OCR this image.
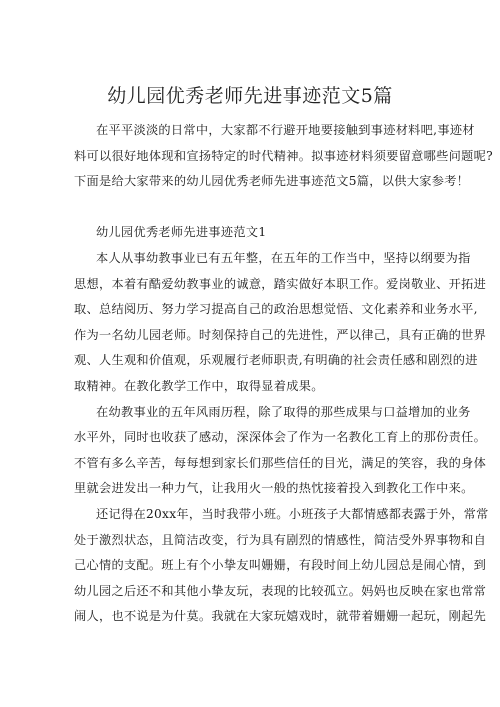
幼儿园优秀老师先进事迹范文5篇
在平平淡淡的日常中，大家都不行避开地要接触到事迹材料吧,事迹材
料可以很好地体现和宣扬特定的时代精神。拟事迹材料须要留意哪些问题呢?
下面是给大家带来的幼儿园优秀老师先进事迹范文5篇，以供大家参考！
幼儿园优秀老师先进事迹范文1
本人从事幼教事业已有五年整，在五年的工作当中，坚持以纲要为指
思想，本着有酷爱幼教事业的诚意，踏实做好本职工作。爱岗敬业、开拓进
取、总结阅历、努力学习提高自己的政治思想觉悟、文化素养和业务水平,
作为一名幼儿园老师。时刻保持自己的先进性，严以律己，具有正确的世界
观、人生观和价值观，乐观履行老师职责,有明确的社会责任感和剧烈的进
取精神。在教化教学工作中，取得显着成果。
在幼教事业的五年风雨历程，除了取得的那些成果与口益增加的业务
水平外，同时也收获了感动，深深体会了作为一名教化工育上的那份责任。
不管有多么辛苦，每每想到家长们那些信任的目光，满足的笑容，我的身体
里就会进发出一种力气，让我用火一般的热忱接着投入到教化工作中来。
还记得在20xx年，当时我带小班。小班孩子大都情感都表露于外，常常
处于激烈状态，且简洁改变，行为具有剧烈的情感性，简洁受外界事物和自
己心情的支配。班上有个小挚友叫姗姗，有段时间上幼儿园总是闹心情，到
幼儿园之后还不和其他小挚友玩，表现的比较孤立。妈妈也反映在家也常常
闹人，也不说是为什莫。我就在大家玩嬉戏时，就带着姗姗一起玩，刚起先
